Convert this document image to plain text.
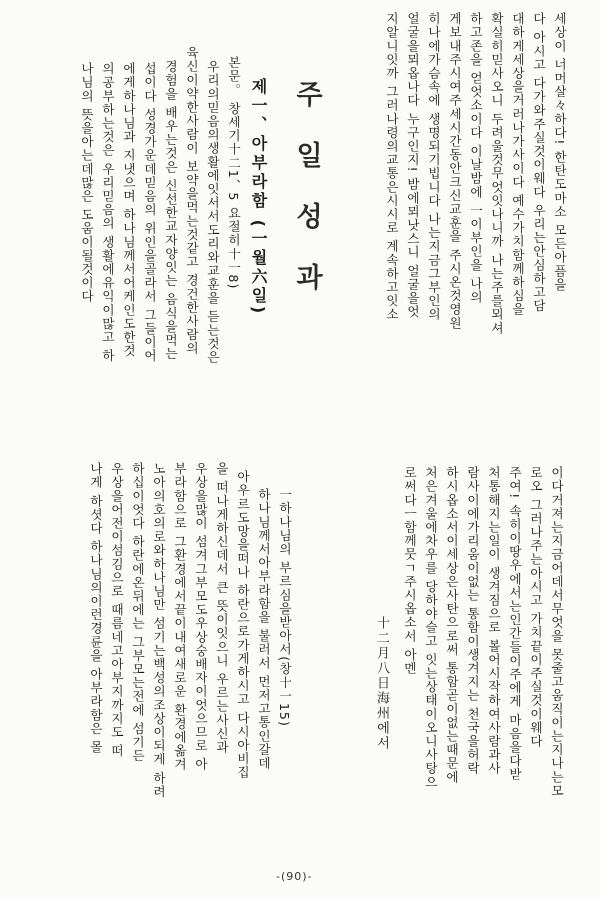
주일성과	세상이 너머살々하다! 한탄도마소 모든아픔을
다 아시고 다가와주실것이웨다 우리는안심하고담
대하게세상을거러나가사이다 예수가치함께하심을
확실히믿사오니 두려울것무엇잇나니까 나는주를뫼셔
하고존을 얻엇소이다 이날밤에 一이부인을 나의
게보내주시여주세시간동안크신교훈을 주시온것영원
히나에가슴속에 생명되기빕니다 나는지금그부인의
얼굴을뫼옵나다 누구인지! 밤에뫼낫스니 얼굴을엇
지알니잇까 그러나령의교통은시시로 계속하고잇소
제一、아부라함 (一월六일)
본문。 창세기十二1、5 요절히十一8)
우리의믿음의생활에잇서서도리와교훈을 듣는것은
육신이약한사람이 보약을먹는것같고 경건한사람의
경험을 배우는것은 신선한교자양잇는 음식을먹는
섭이다 성경가운데믿음의 위인을골라서 그들이어
에게하나님과 지냇으며 하나님께서어케인도한것
의공부하는것은 우리믿음의 생활에유익이많고 하
나님의 뜻을아는데많은 도움이될것이다
이다거져는지금어데서무엇을 못줄고움직이는지나는모
로오 그러나주는아시고 가치끝이주실것이웨다
주여! 속히이땅우에서는인간들이주에게 마음을다받
처통해지는일이 생겨짐으로 볼어시작하여사람과사
람사이에가리움이없는 통함이생겨지는 천국을허락
하시옵소서이세상은사탄으로써 통함곧이없는때문에
처은겨울에차우를 당하야슬고 잇는상태이오니사탕으
로써다ㅡ함께뭇ㄱ주시옵소서 아멘
十二月八日海州에서
一하나님의 부르심을받아서(창十一15)
하나님께서아부라함을 불러서 먼저고통인갈데
아우르도망을떠나 하란으로가게하시고 다시아비집
을 떠나게하신데서 큰 뜻이잇으니 우르는사신과
우상을많이 섬겨그부모도우상숭배자이엇으므로 아
부라함으로 그환경에서끝이내여새로운 환경에옮겨
노아의호의로와하나님만 섬기는백성의조상이되게 하려
하십이엇다 하란에온뒤에는 그부모는전에 섬기든
우상을어전이섬김으로 때름네고아부지까지도 떠
나게 하셧다 하나님의이런경륜을 아부라함은 몰
-(90)-
